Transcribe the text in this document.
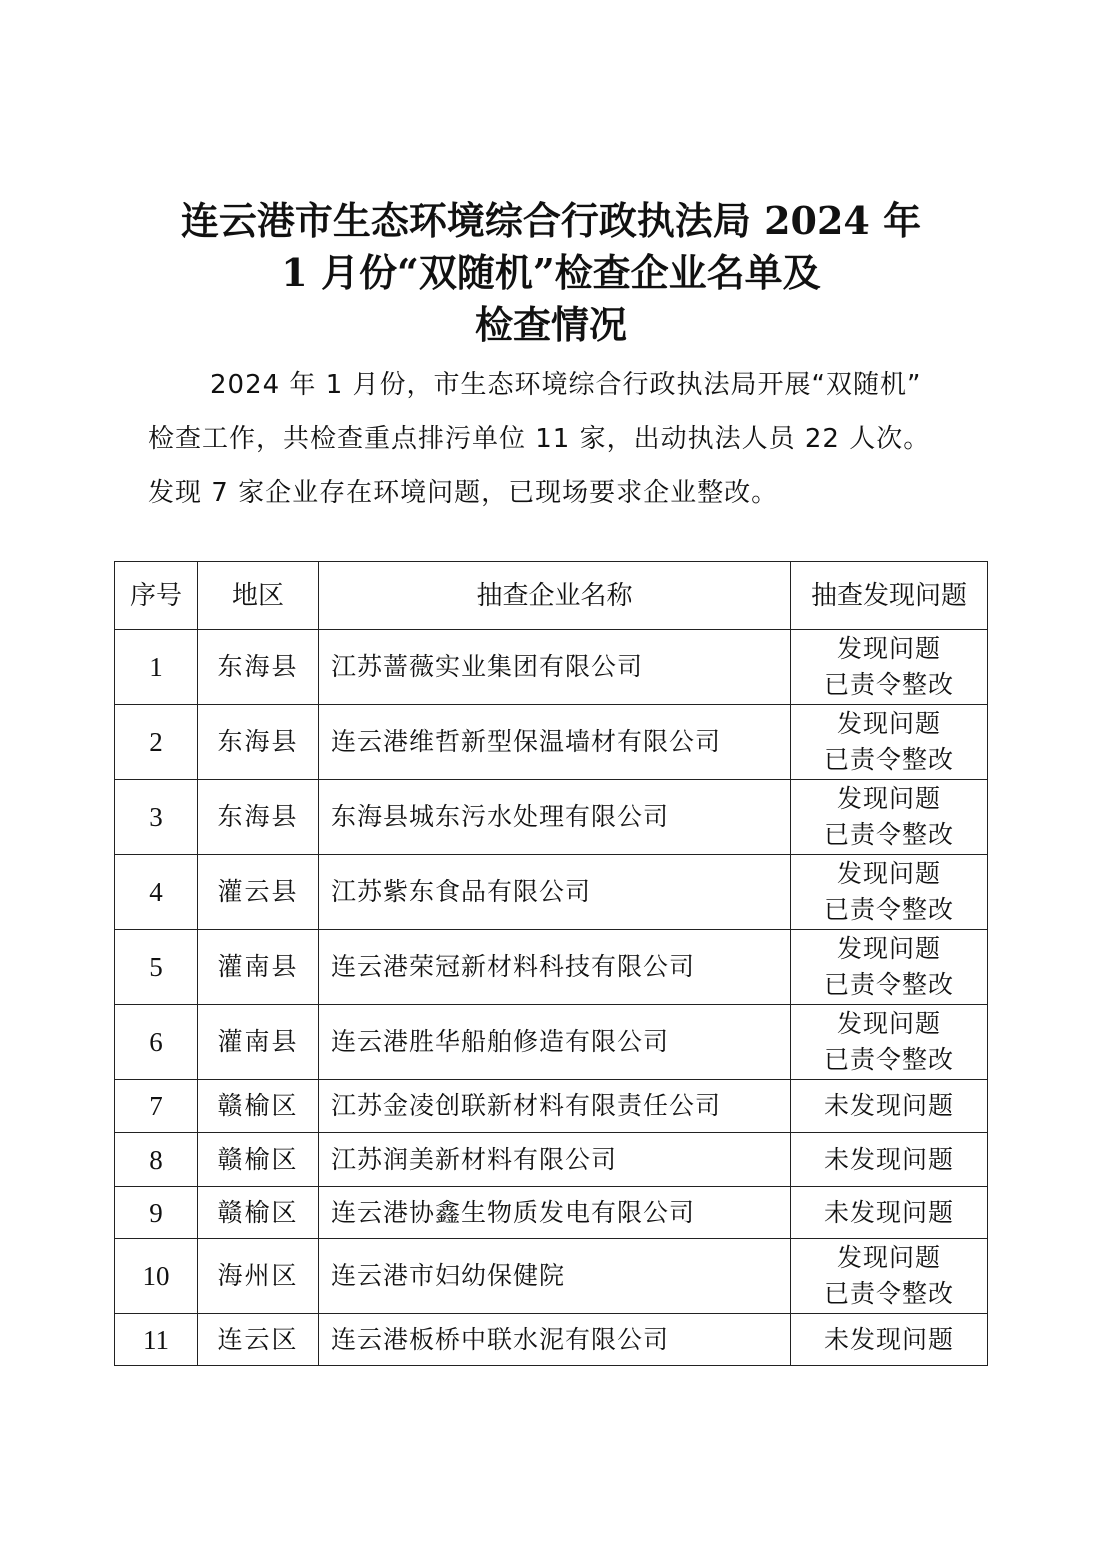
连云港市生态环境综合行政执法局 2024 年
1 月份“双随机”检查企业名单及
检查情况
2024 年 1 月份，市生态环境综合行政执法局开展“双随机”
检查工作，共检查重点排污单位 11 家，出动执法人员 22 人次。
发现 7 家企业存在环境问题，已现场要求企业整改。
序号	地区	抽查企业名称	抽查发现问题
1	东海县	江苏蔷薇实业集团有限公司	发现问题
已责令整改

2	东海县	连云港维哲新型保温墙材有限公司	发现问题
已责令整改

3	东海县	东海县城东污水处理有限公司	发现问题
已责令整改

4	灌云县	江苏紫东食品有限公司	发现问题
已责令整改

5	灌南县	连云港荣冠新材料科技有限公司	发现问题
已责令整改

6	灌南县	连云港胜华船舶修造有限公司	发现问题
已责令整改

7	赣榆区	江苏金凌创联新材料有限责任公司	未发现问题

8	赣榆区	江苏润美新材料有限公司	未发现问题

9	赣榆区	连云港协鑫生物质发电有限公司	未发现问题

10	海州区	连云港市妇幼保健院	发现问题
已责令整改

11	连云区	连云港板桥中联水泥有限公司	未发现问题
